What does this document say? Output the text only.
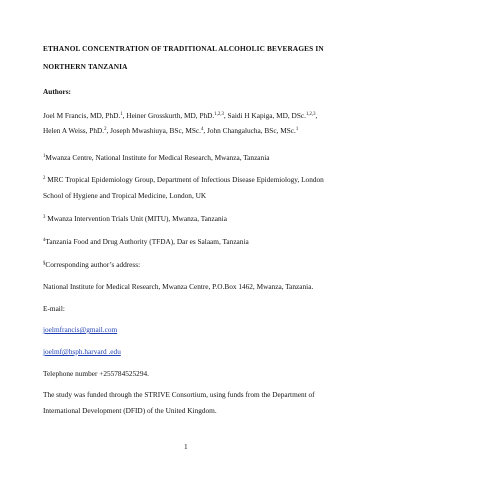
ETHANOL CONCENTRATION OF TRADITIONAL ALCOHOLIC BEVERAGES IN
NORTHERN TANZANIA
Authors:
Joel M Francis, MD, PhD.$^1$, Heiner Grosskurth, MD, PhD.$^{1,2,3}$, Saidi H Kapiga, MD, DSc.$^{1,2,3}$,
Helen A Weiss, PhD.$^2$, Joseph Mwashiuya, BSc, MSc.$^4$, John Changalucha, BSc, MSc.$^1$
$^1$Mwanza Centre, National Institute for Medical Research, Mwanza, Tanzania
$^2$ MRC Tropical Epidemiology Group, Department of Infectious Disease Epidemiology, London
School of Hygiene and Tropical Medicine, London, UK
$^3$ Mwanza Intervention Trials Unit (MITU), Mwanza, Tanzania
$^4$Tanzania Food and Drug Authority (TFDA), Dar es Salaam, Tanzania
§Corresponding author’s address:
National Institute for Medical Research, Mwanza Centre, P.O.Box 1462, Mwanza, Tanzania.
E-mail:
joelmfrancis@gmail.com
joelmf@hsph.harvard .edu
Telephone number +255784525294.
The study was funded through the STRIVE Consortium, using funds from the Department of
International Development (DFID) of the United Kingdom.
1
